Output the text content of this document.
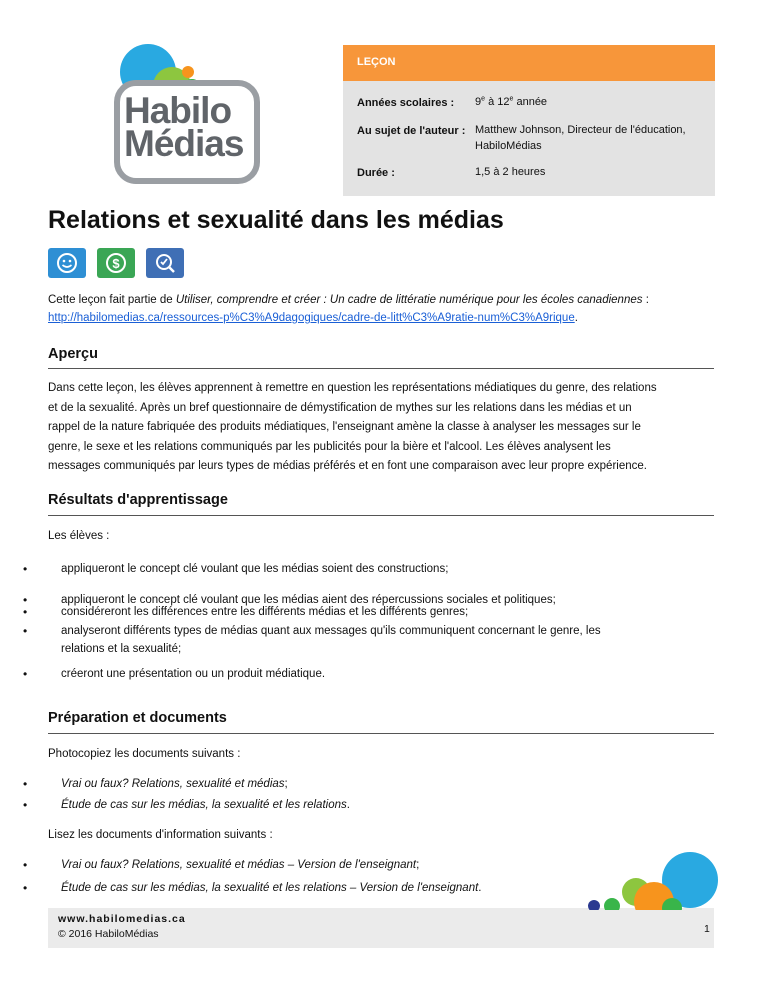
Habilo
Médias
LEÇON
Années scolaires : 9e à 12e année
Au sujet de l'auteur : Matthew Johnson, Directeur de l'éducation,
HabiloMédias
Durée :	1,5 à 2 heures
Relations et sexualité dans les médias
$
Cette leçon fait partie de Utiliser, comprendre et créer : Un cadre de littératie numérique pour les écoles canadiennes :
http://habilomedias.ca/ressources-p%C3%A9dagogiques/cadre-de-litt%C3%A9ratie-num%C3%A9rique.
Aperçu
Dans cette leçon, les élèves apprennent à remettre en question les représentations médiatiques du genre, des relations
et de la sexualité. Après un bref questionnaire de démystification de mythes sur les relations dans les médias et un
rappel de la nature fabriquée des produits médiatiques, l'enseignant amène la classe à analyser les messages sur le
genre, le sexe et les relations communiqués par les publicités pour la bière et l'alcool. Les élèves analysent les
messages communiqués par leurs types de médias préférés et en font une comparaison avec leur propre expérience.
Résultats d'apprentissage
Les élèves :
•	appliqueront le concept clé voulant que les médias soient des constructions;
•	appliqueront le concept clé voulant que les médias aient des répercussions sociales et politiques;
•	considéreront les différences entre les différents médias et les différents genres;
•	analyseront différents types de médias quant aux messages qu'ils communiquent concernant le genre, les
relations et la sexualité;
•	créeront une présentation ou un produit médiatique.
Préparation et documents
Photocopiez les documents suivants :
•	Vrai ou faux? Relations, sexualité et médias;
•	Étude de cas sur les médias, la sexualité et les relations.
Lisez les documents d'information suivants :
•	Vrai ou faux? Relations, sexualité et médias – Version de l'enseignant;
•	Étude de cas sur les médias, la sexualité et les relations – Version de l'enseignant.
www.habilomedias.ca
© 2016 HabiloMédias	1
